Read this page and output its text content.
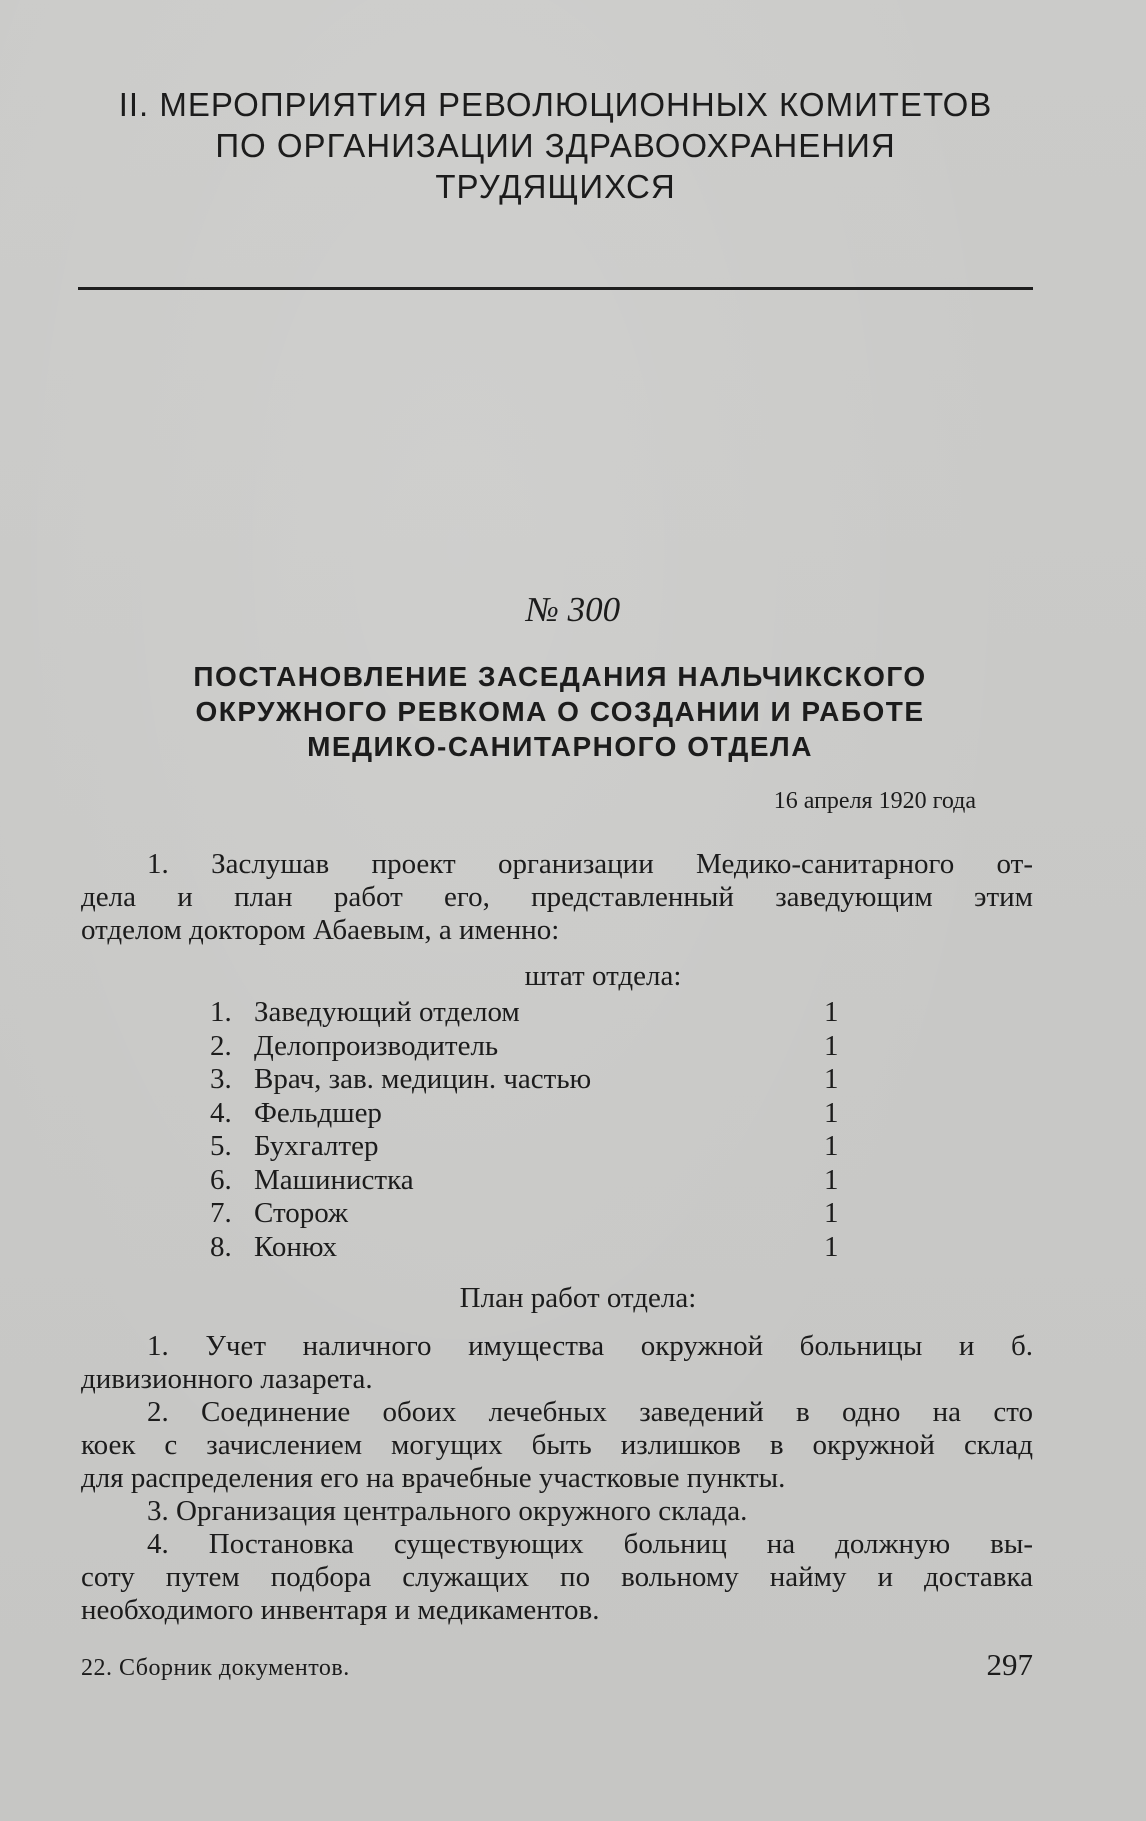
II. МЕРОПРИЯТИЯ РЕВОЛЮЦИОННЫХ КОМИТЕТОВ
ПО ОРГАНИЗАЦИИ ЗДРАВООХРАНЕНИЯ
ТРУДЯЩИХСЯ
№ 300
ПОСТАНОВЛЕНИЕ ЗАСЕДАНИЯ НАЛЬЧИКСКОГО
ОКРУЖНОГО РЕВКОМА О СОЗДАНИИ И РАБОТЕ
МЕДИКО-САНИТАРНОГО ОТДЕЛА
16 апреля 1920 года

1. Заслушав проект организации Медико-санитарного от-
дела и план работ его, представленный заведующим этим
отделом доктором Абаевым, а именно:

штат отдела:
1. Заведующий отделом	1
2. Делопроизводитель	1
3. Врач, зав. медицин. частью	1
4. Фельдшер	1
5. Бухгалтер	1
6. Машинистка	1
7. Сторож	1
8. Конюх	1
План работ отдела:

1. Учет наличного имущества окружной больницы и б.
дивизионного лазарета.

2. Соединение обоих лечебных заведений в одно на сто
коек с зачислением могущих быть излишков в окружной склад
для распределения его на врачебные участковые пункты.

3. Организация центрального окружного склада.

4. Постановка существующих больниц на должную вы-
соту путем подбора служащих по вольному найму и доставка
необходимого инвентаря и медикаментов.

22. Сборник документов.	297
